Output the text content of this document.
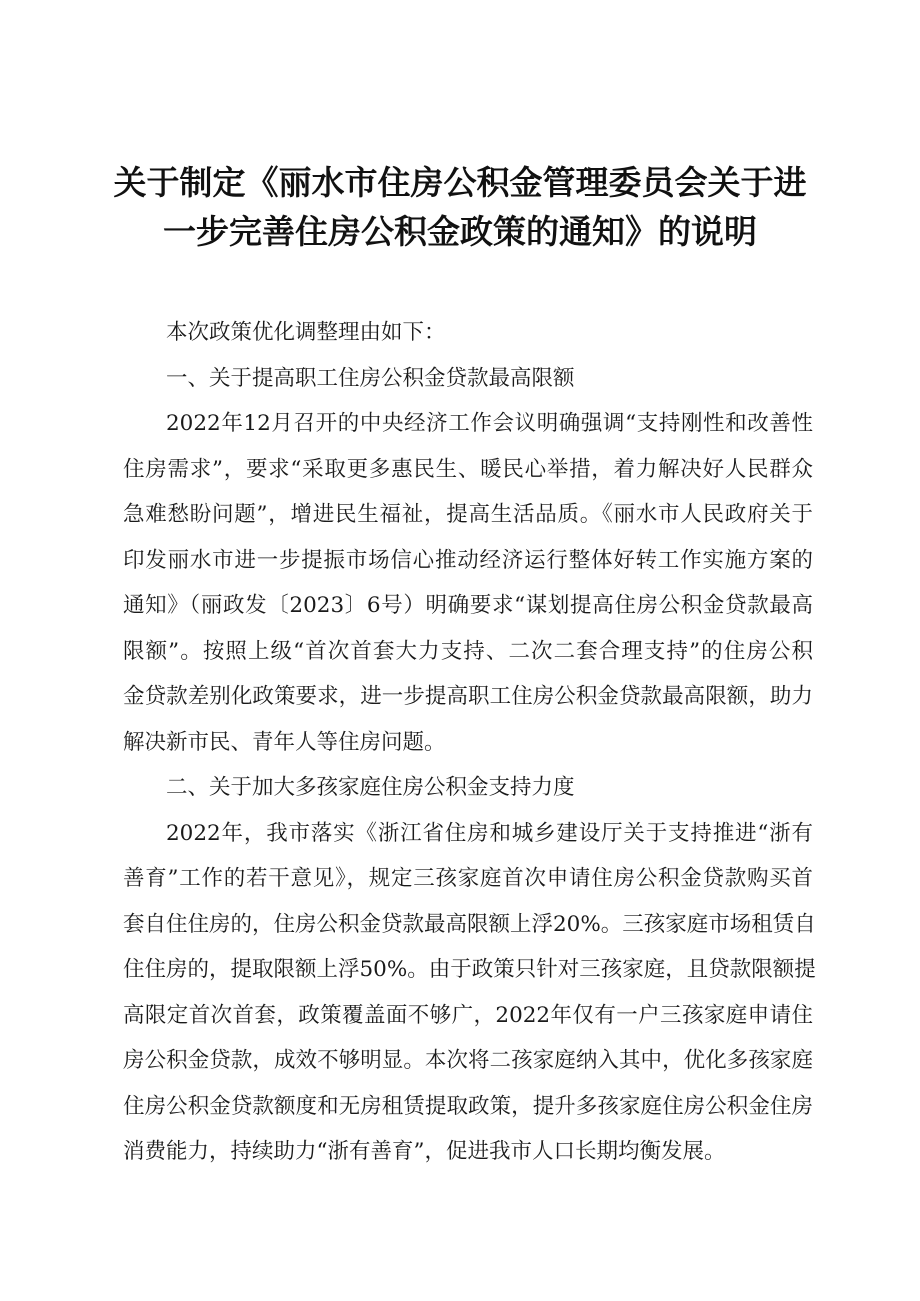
关于制定《丽水市住房公积金管理委员会关于进
一步完善住房公积金政策的通知》的说明
本次政策优化调整理由如下：
一、关于提高职工住房公积金贷款最高限额
2022年12月召开的中央经济工作会议明确强调“支持刚性和改善性
住房需求”，要求“采取更多惠民生、暖民心举措，着力解决好人民群众
急难愁盼问题”，增进民生福祉，提高生活品质。《丽水市人民政府关于
印发丽水市进一步提振市场信心推动经济运行整体好转工作实施方案的
通知》（丽政发〔2023〕6号）明确要求“谋划提高住房公积金贷款最高
限额”。按照上级“首次首套大力支持、二次二套合理支持”的住房公积
金贷款差别化政策要求，进一步提高职工住房公积金贷款最高限额，助力
解决新市民、青年人等住房问题。
二、关于加大多孩家庭住房公积金支持力度
2022年，我市落实《浙江省住房和城乡建设厅关于支持推进“浙有
善育”工作的若干意见》，规定三孩家庭首次申请住房公积金贷款购买首
套自住住房的，住房公积金贷款最高限额上浮20%。三孩家庭市场租赁自
住住房的，提取限额上浮50%。由于政策只针对三孩家庭，且贷款限额提
高限定首次首套，政策覆盖面不够广，2022年仅有一户三孩家庭申请住
房公积金贷款，成效不够明显。本次将二孩家庭纳入其中，优化多孩家庭
住房公积金贷款额度和无房租赁提取政策，提升多孩家庭住房公积金住房
消费能力，持续助力“浙有善育”，促进我市人口长期均衡发展。
